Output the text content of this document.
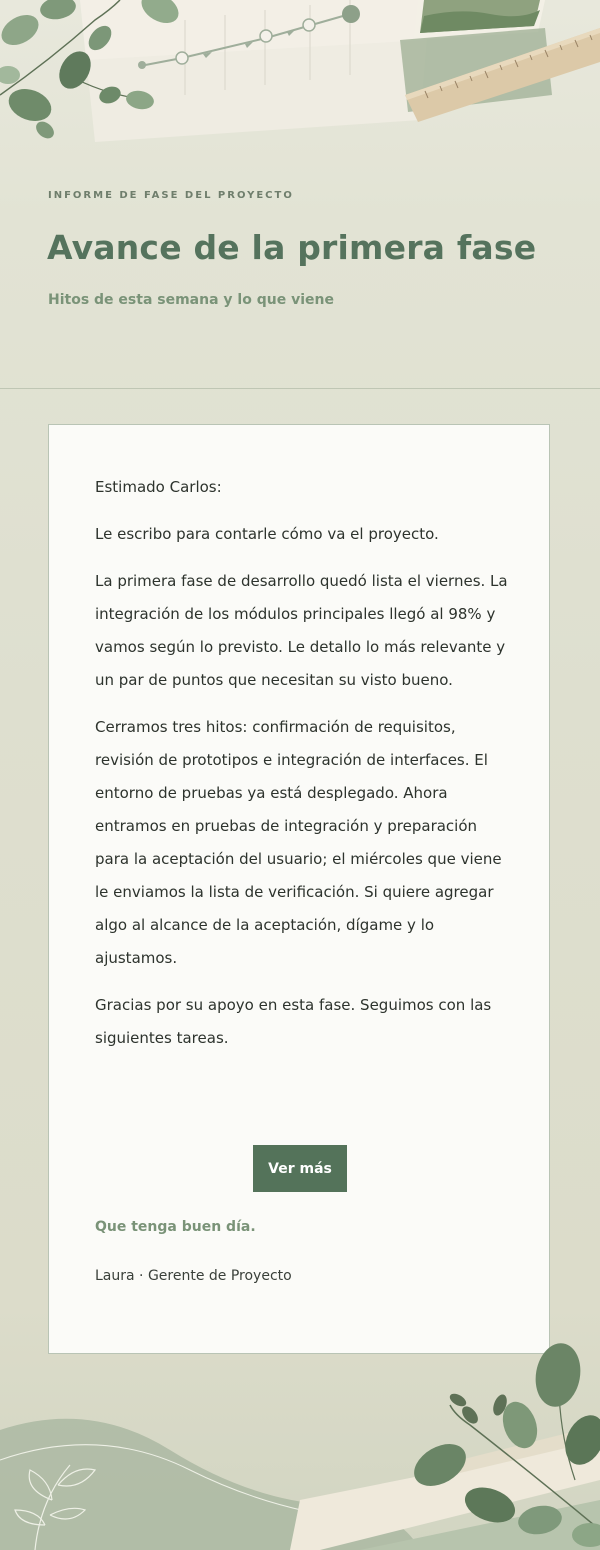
INFORME DE FASE DEL PROYECTO
Avance de la primera fase
Hitos de esta semana y lo que viene

Estimado Carlos:

Le escribo para contarle cómo va el proyecto.

La primera fase de desarrollo quedó lista el viernes. La integración de los módulos principales llegó al 98% y vamos según lo previsto. Le detallo lo más relevante y un par de puntos que necesitan su visto bueno.

Cerramos tres hitos: confirmación de requisitos, revisión de prototipos e integración de interfaces. El entorno de pruebas ya está desplegado. Ahora entramos en pruebas de integración y preparación para la aceptación del usuario; el miércoles que viene le enviamos la lista de verificación. Si quiere agregar algo al alcance de la aceptación, dígame y lo ajustamos.

Gracias por su apoyo en esta fase. Seguimos con las siguientes tareas.

Ver más
Que tenga buen día.
Laura · Gerente de Proyecto
